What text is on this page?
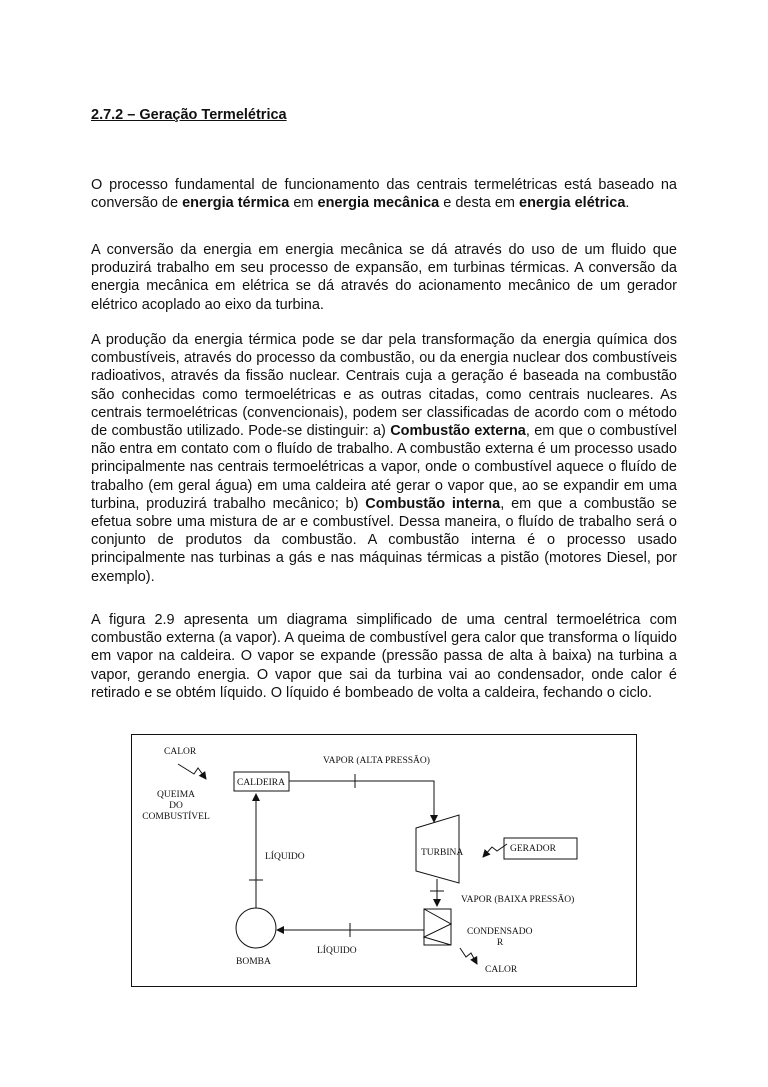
2.7.2 – Geração Termelétrica
O processo fundamental de funcionamento das centrais termelétricas está baseado na conversão de energia térmica em energia mecânica e desta em energia elétrica.
A conversão da energia em energia mecânica se dá através do uso de um fluido que produzirá trabalho em seu processo de expansão, em turbinas térmicas. A conversão da energia mecânica em elétrica se dá através do acionamento mecânico de um gerador elétrico acoplado ao eixo da turbina.
A produção da energia térmica pode se dar pela transformação da energia química dos combustíveis, através do processo da combustão, ou da energia nuclear dos combustíveis radioativos, através da fissão nuclear. Centrais cuja a geração é baseada na combustão são conhecidas como termoelétricas e as outras citadas, como centrais nucleares. As centrais termoelétricas (convencionais), podem ser classificadas de acordo com o método de combustão utilizado. Pode-se distinguir: a) Combustão externa, em que o combustível não entra em contato com o fluído de trabalho. A combustão externa é um processo usado principalmente nas centrais termoelétricas a vapor, onde o combustível aquece o fluído de trabalho (em geral água) em uma caldeira até gerar o vapor que, ao se expandir em uma turbina, produzirá trabalho mecânico; b) Combustão interna, em que a combustão se efetua sobre uma mistura de ar e combustível. Dessa maneira, o fluído de trabalho será o conjunto de produtos da combustão. A combustão interna é o processo usado principalmente nas turbinas a gás e nas máquinas térmicas a pistão (motores Diesel, por exemplo).
A figura 2.9 apresenta um diagrama simplificado de uma central termoelétrica com combustão externa (a vapor). A queima de combustível gera calor que transforma o líquido em vapor na caldeira. O vapor se expande (pressão passa de alta à baixa) na turbina a vapor, gerando energia. O vapor que sai da turbina vai ao condensador, onde calor é retirado e se obtém líquido. O líquido é bombeado de volta a caldeira, fechando o ciclo.
CALOR
QUEIMA
DO
COMBUSTÍVEL
CALDEIRA
VAPOR (ALTA PRESSÃO)
TURBINA	GERADOR
VAPOR (BAIXA PRESSÃO)
CONDENSADO
R
CALOR
LÍQUIDO
BOMBA
LÍQUIDO
